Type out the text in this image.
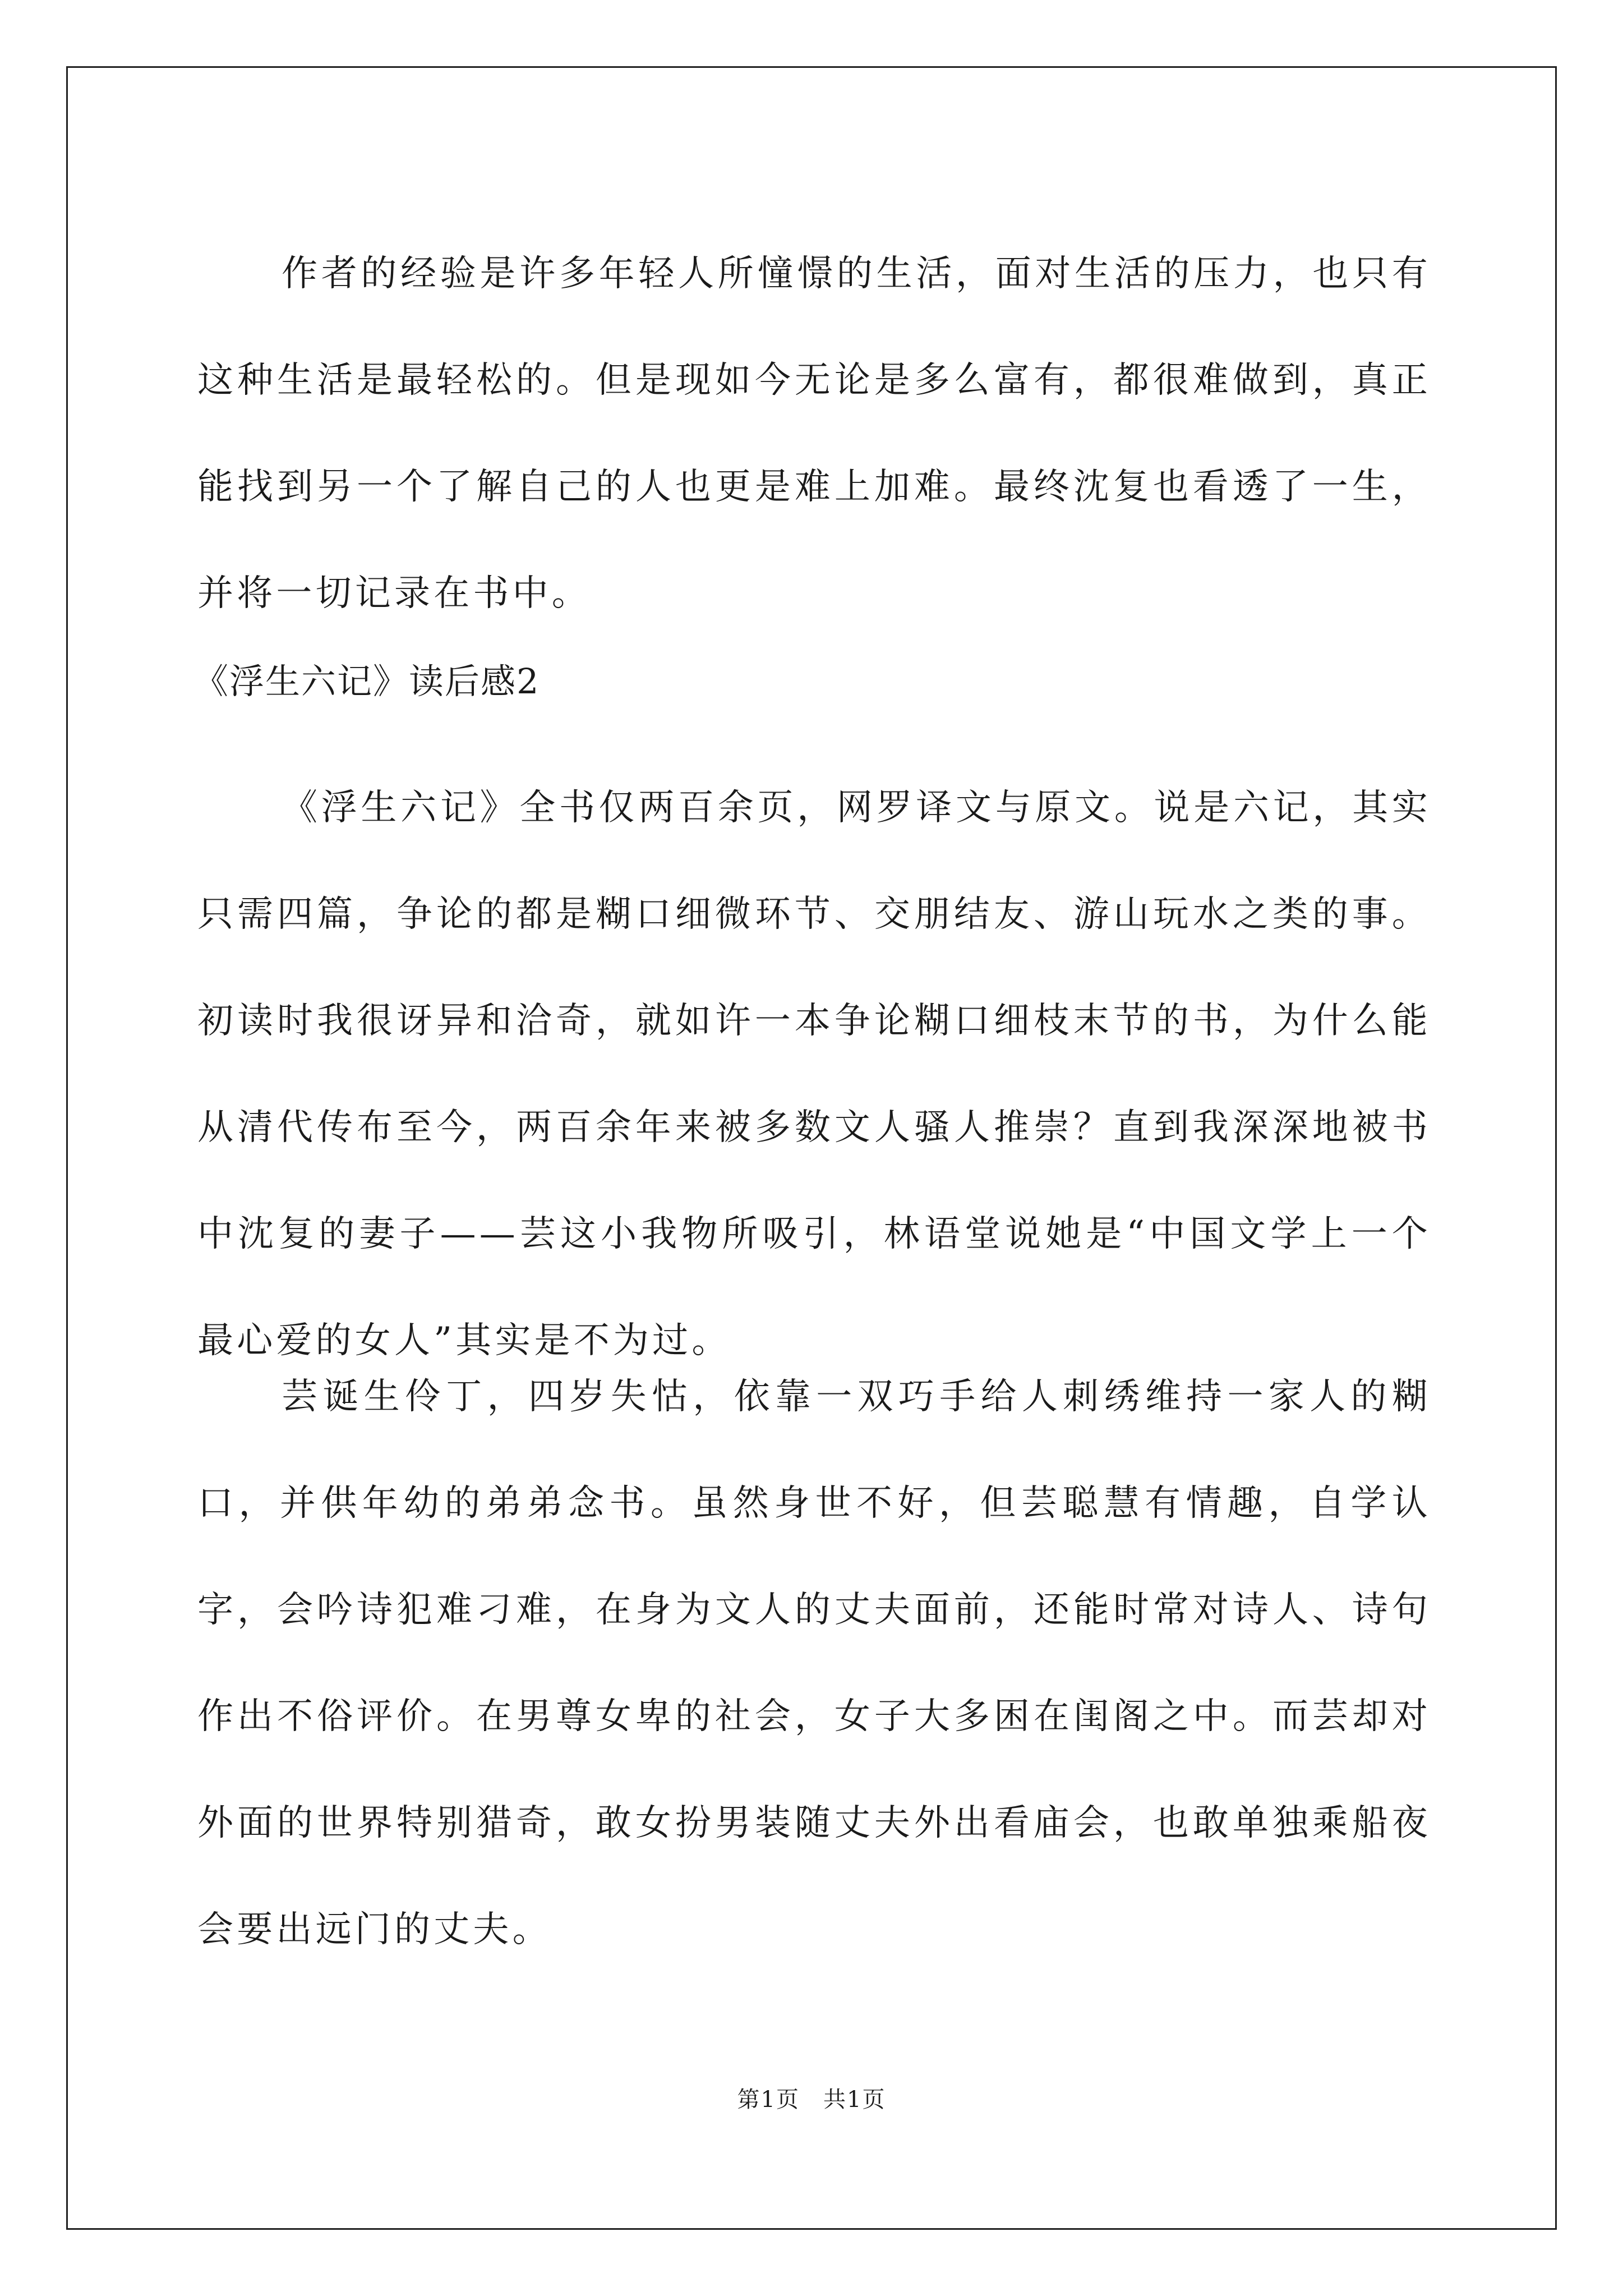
作者的经验是许多年轻人所憧憬的生活，面对生活的压力，也只有这种生活是最轻松的。但是现如今无论是多么富有，都很难做到，真正能找到另一个了解自己的人也更是难上加难。最终沈复也看透了一生，并将一切记录在书中。

《浮生六记》读后感2

《浮生六记》全书仅两百余页，网罗译文与原文。说是六记，其实只需四篇，争论的都是糊口细微环节、交朋结友、游山玩水之类的事。初读时我很讶异和洽奇，就如许一本争论糊口细枝末节的书，为什么能从清代传布至今，两百余年来被多数文人骚人推崇？直到我深深地被书中沈复的妻子——芸这小我物所吸引，林语堂说她是“中国文学上一个最心爱的女人”其实是不为过。

芸诞生伶丁，四岁失怙，依靠一双巧手给人刺绣维持一家人的糊口，并供年幼的弟弟念书。虽然身世不好，但芸聪慧有情趣，自学认字，会吟诗犯难刁难，在身为文人的丈夫面前，还能时常对诗人、诗句作出不俗评价。在男尊女卑的社会，女子大多困在闺阁之中。而芸却对外面的世界特别猎奇，敢女扮男装随丈夫外出看庙会，也敢单独乘船夜会要出远门的丈夫。

第1页　共1页
